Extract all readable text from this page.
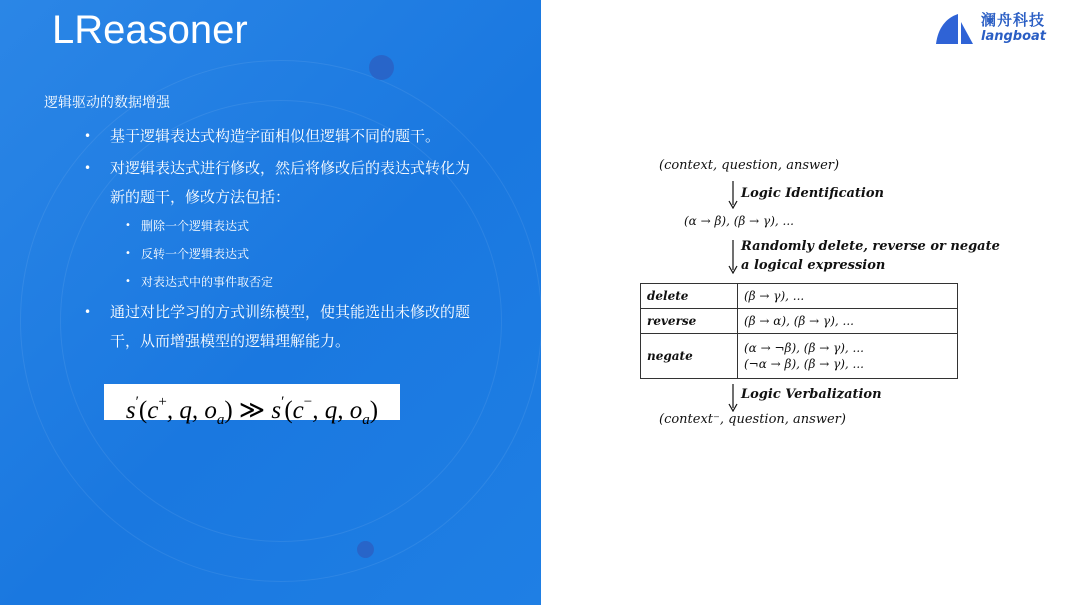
LReasoner
逻辑驱动的数据增强
• 基于逻辑表达式构造字面相似但逻辑不同的题干。
• 对逻辑表达式进行修改，然后将修改后的表达式转化为
新的题干，修改方法包括：
• 删除一个逻辑表达式
• 反转一个逻辑表达式
• 对表达式中的事件取否定
• 通过对比学习的方式训练模型，使其能选出未修改的题
干，从而增强模型的逻辑理解能力。
s′(c+, q, $o_a$) ≫ s′(c−, q, $o_a$)
澜舟科技
langboat
(context, question, answer)
Logic Identification
(α → β), (β → γ), ...
Randomly delete, reverse or negate
a logical expression
delete	(β → γ), ...
reverse	(β → α), (β → γ), ...
negate	(α → ¬β), (β → γ), ...
(¬α → β), (β → γ), ...
Logic Verbalization
(context⁻, question, answer)
